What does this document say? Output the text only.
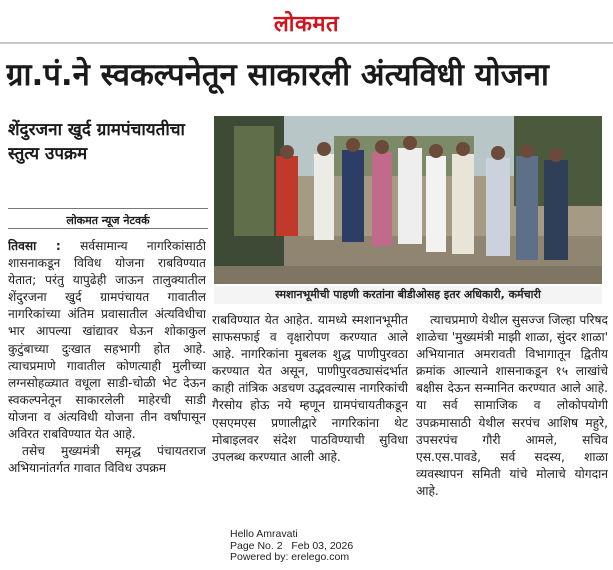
लोकमत
ग्रा.पं.ने स्वकल्पनेतून साकारली अंत्यविधी योजना
शेंदुरजना खुर्द ग्रामपंचायतीचा स्तुत्य उपक्रम
लोकमत न्यूज नेटवर्क
स्मशानभूमीची पाहणी करतांना बीडीओसह इतर अधिकारी, कर्मचारी

तिवसा : सर्वसामान्य नागरिकांसाठी शासनाकडून विविध योजना राबविण्यात येतात; परंतु यापुढेही जाऊन तालुक्यातील शेंदुरजना खुर्द ग्रामपंचायत गावातील नागरिकांच्या अंतिम प्रवासातील अंत्यविधीचा भार आपल्या खांद्यावर घेऊन शोकाकुल कुटुंबाच्या दुःखात सहभागी होत आहे. त्याचप्रमाणे गावातील कोणत्याही मुलीच्या लग्नसोहळ्यात वधूला साडी-चोळी भेट देऊन स्वकल्पनेतून साकारलेली माहेरची साडी योजना व अंत्यविधी योजना तीन वर्षांपासून अविरत राबविण्यात येत आहे.

तसेच मुख्यमंत्री समृद्ध पंचायतराज अभियानांतर्गत गावात विविध उपक्रम

राबविण्यात येत आहेत. यामध्ये स्मशानभूमीत साफसफाई व वृक्षारोपण करण्यात आले आहे. नागरिकांना मुबलक शुद्ध पाणीपुरवठा करण्यात येत असून, पाणीपुरवठ्यासंदर्भात काही तांत्रिक अडचण उद्भवल्यास नागरिकांची गैरसोय होऊ नये म्हणून ग्रामपंचायतीकडून एसएमएस प्रणालीद्वारे नागरिकांना थेट मोबाइलवर संदेश पाठविण्याची सुविधा उपलब्ध करण्यात आली आहे.

त्याचप्रमाणे येथील सुसज्ज जिल्हा परिषद शाळेचा 'मुख्यमंत्री माझी शाळा, सुंदर शाळा' अभियानात अमरावती विभागातून द्वितीय क्रमांक आल्याने शासनाकडून १५ लाखांचे बक्षीस देऊन सन्मानित करण्यात आले आहे. या सर्व सामाजिक व लोकोपयोगी उपक्रमासाठी येथील सरपंच आशिष महुरे, उपसरपंच गौरी आमले, सचिव एस.एस.पावडे, सर्व सदस्य, शाळा व्यवस्थापन समिती यांचे मोलाचे योगदान आहे.

Hello Amravati
Page No. 2 Feb 03, 2026
Powered by: erelego.com
